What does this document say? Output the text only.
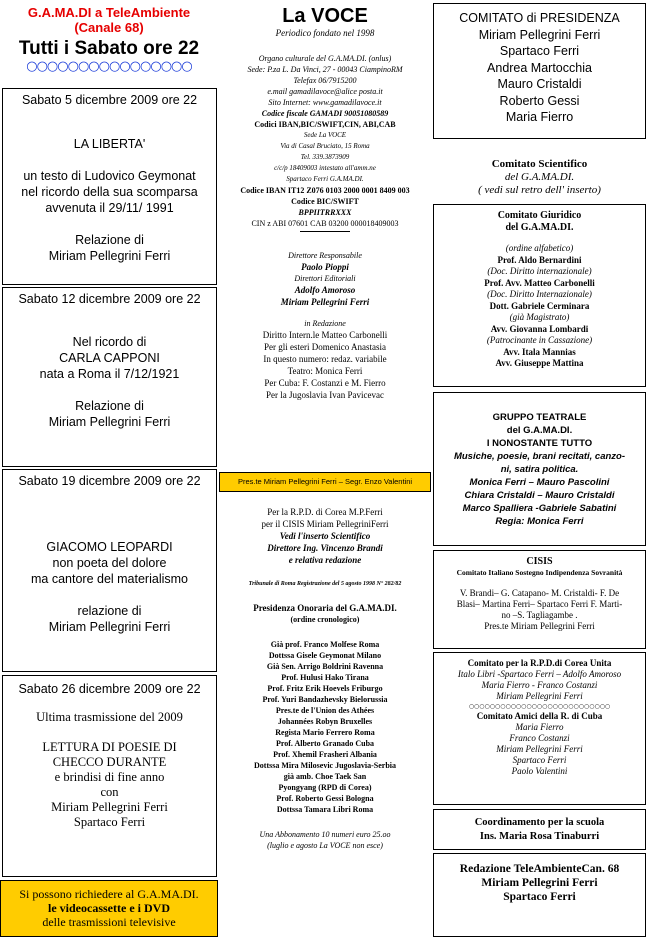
G.A.MA.DI a TeleAmbiente
(Canale 68)
Tutti i Sabato ore 22
○○○○○○○○○○○○○○○○
Sabato 5 dicembre 2009 ore 22
LA LIBERTA'
un testo di Ludovico Geymonat
nel ricordo della sua scomparsa
avvenuta il 29/11/ 1991
Relazione di
Miriam Pellegrini Ferri
Sabato 12 dicembre 2009 ore 22
Nel ricordo di
CARLA CAPPONI
nata a Roma il 7/12/1921
Relazione di
Miriam Pellegrini Ferri
Sabato 19 dicembre 2009 ore 22
GIACOMO LEOPARDI
non poeta del dolore
ma cantore del materialismo
relazione di
Miriam Pellegrini Ferri
Sabato 26 dicembre 2009 ore 22
Ultima trasmissione del 2009
LETTURA DI POESIE DI
CHECCO DURANTE
e brindisi di fine anno
con
Miriam Pellegrini Ferri
Spartaco Ferri
Si possono richiedere al G.A.MA.DI.
le videocassette e i DVD
delle trasmissioni televisive
La VOCE
Periodico fondato nel 1998
Organo culturale del G.A.MA.DI. (onlus)
Sede: P.za L. Da Vinci, 27 - 00043 CiampinoRM
Telefax 06/7915200
e.mail gamadilavoce@alice posta.it
Sito Internet: www.gamadilavoce.it
Codice fiscale GAMADI 90051080589
Codici IBAN,BIC/SWIFT,CIN, ABI,CAB
Sede La VOCE
Via di Casal Bruciato, 15 Roma
Tel. 339.3873909
c/c/p 18409003 intestato all'amm.ne
Spartaco Ferri G.A.MA.DI.
Codice IBAN IT12 Z076 0103 2000 0001 8409 003
Codice BIC/SWIFT
BPPIITRRXXX
CIN z ABI 07601 CAB 03200 000018409003
Direttore Responsabile
Paolo Pioppi
Direttori Editoriali
Adolfo Amoroso
Miriam Pellegrini Ferri
in Redazione
Diritto Intern.le Matteo Carbonelli
Per gli esteri Domenico Anastasia
In questo numero: redaz. variabile
Teatro: Monica Ferri
Per Cuba: F. Costanzi e M. Fierro
Per la Jugoslavia Ivan Pavicevac
Pres.te Miriam Pellegrini Ferri – Segr. Enzo Valentini
Per la R.P.D. di Corea M.P.Ferri
per il CISIS Miriam PellegriniFerri
Vedi l'inserto Scientifico
Direttore Ing. Vincenzo Brandi
e relativa redazione
Tribunale di Roma Registrazione del 5 agosto 1998 N° 282/82
Presidenza Onoraria del G.A.MA.DI.
(ordine cronologico)
Già prof. Franco Molfese Roma
Dottssa Gisele Geymonat Milano
Già Sen. Arrigo Boldrini Ravenna
Prof. Hulusi Hako Tirana
Prof. Fritz Erik Hoevels Friburgo
Prof. Yuri Bandazhevsky Bielorussia
Pres.te de l'Union des Athées
Johannées Robyn Bruxelles
Regista Mario Ferrero Roma
Prof. Alberto Granado Cuba
Prof. Xhemil Frasheri Albania
Dottssa Mira Milosevic Jugoslavia-Serbia
già amb. Choe Taek San
Pyongyang (RPD di Corea)
Prof. Roberto Gessi Bologna
Dottssa Tamara Libri Roma
Una Abbonamento 10 numeri euro 25.oo
(luglio e agosto La VOCE non esce)
COMITATO di PRESIDENZA
Miriam Pellegrini Ferri
Spartaco Ferri
Andrea Martocchia
Mauro Cristaldi
Roberto Gessi
Maria Fierro
Comitato Scientifico
del G.A.MA.DI.
( vedi sul retro dell' inserto)
Comitato Giuridico
del G.A.MA.DI.
(ordine alfabetico)
Prof. Aldo Bernardini
(Doc. Diritto internazionale)
Prof. Avv. Matteo Carbonelli
(Doc. Diritto Internazionale)
Dott. Gabriele Cerminara
(già Magistrato)
Avv. Giovanna Lombardi
(Patrocinante in Cassazione)
Avv. Itala Mannias
Avv. Giuseppe Mattina
GRUPPO TEATRALE
del G.A.MA.DI.
I NONOSTANTE TUTTO
Musiche, poesie, brani recitati, canzo-
ni, satira politica.
Monica Ferri – Mauro Pascolini
Chiara Cristaldi – Mauro Cristaldi
Marco Spalliera -Gabriele Sabatini
Regia: Monica Ferri
CISIS
Comitato Italiano Sostegno Indipendenza Sovranità
V. Brandi– G. Catapano- M. Cristaldi- F. De
Blasi– Martina Ferri– Spartaco Ferri F. Marti-
no –S. Tagliagambe .
Pres.te Miriam Pellegrini Ferri
Comitato per la R.P.D.di Corea Unita
Italo Libri -Spartaco Ferri – Adolfo Amoroso
Maria Fierro - Franco Costanzi
Miriam Pellegrini Ferri
○○○○○○○○○○○○○○○○○○○○○○○○○○○
Comitato Amici della R. di Cuba
Maria Fierro
Franco Costanzi
Miriam Pellegrini Ferri
Spartaco Ferri
Paolo Valentini
Coordinamento per la scuola
Ins. Maria Rosa Tinaburri
Redazione TeleAmbienteCan. 68
Miriam Pellegrini Ferri
Spartaco Ferri
